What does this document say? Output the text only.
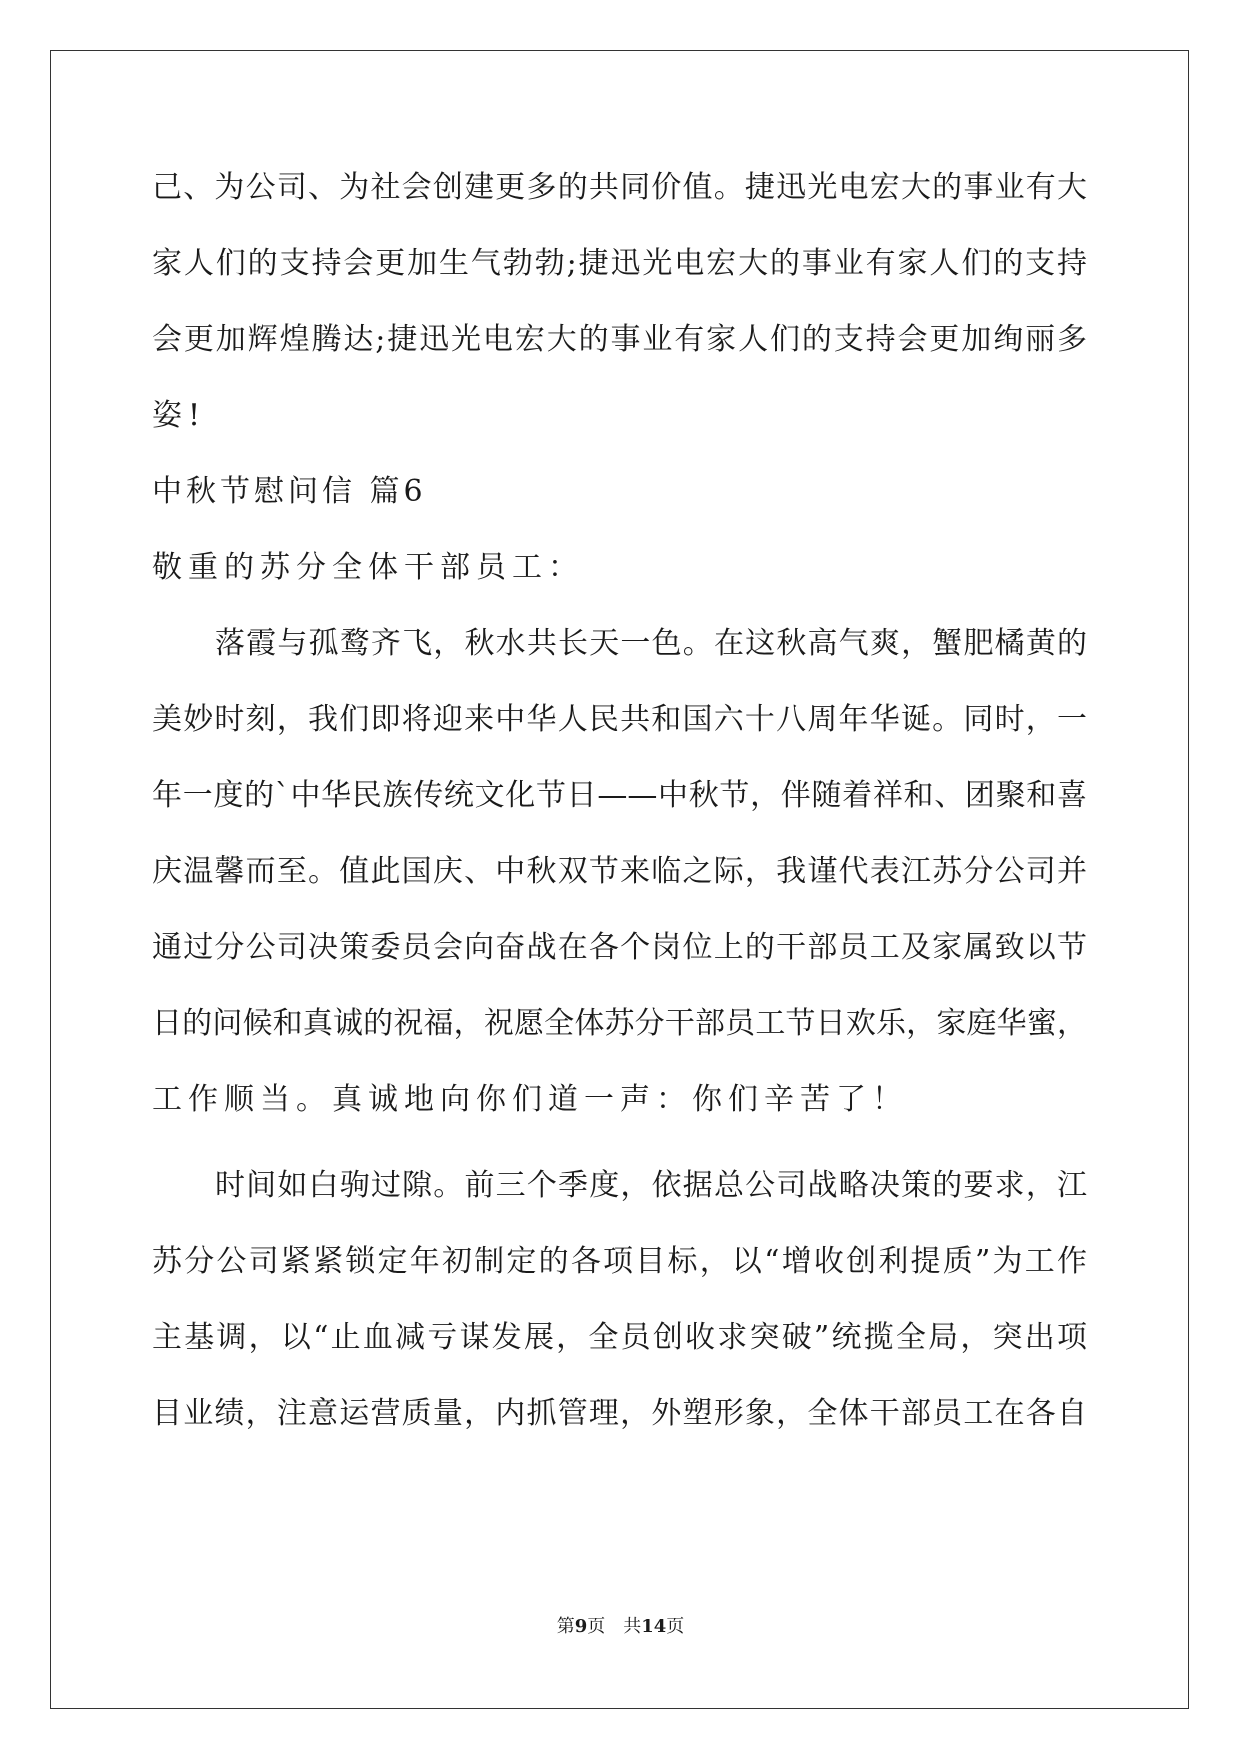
己、为公司、为社会创建更多的共同价值。捷迅光电宏大的事业有大
家人们的支持会更加生气勃勃;捷迅光电宏大的事业有家人们的支持
会更加辉煌腾达;捷迅光电宏大的事业有家人们的支持会更加绚丽多
姿!
中秋节慰问信 篇6
敬重的苏分全体干部员工：
落霞与孤鹜齐飞，秋水共长天一色。在这秋高气爽，蟹肥橘黄的
美妙时刻，我们即将迎来中华人民共和国六十八周年华诞。同时，一
年一度的`中华民族传统文化节日——中秋节，伴随着祥和、团聚和喜
庆温馨而至。值此国庆、中秋双节来临之际，我谨代表江苏分公司并
通过分公司决策委员会向奋战在各个岗位上的干部员工及家属致以节
日的问候和真诚的祝福，祝愿全体苏分干部员工节日欢乐，家庭华蜜，
工作顺当。真诚地向你们道一声：你们辛苦了！
时间如白驹过隙。前三个季度，依据总公司战略决策的要求，江
苏分公司紧紧锁定年初制定的各项目标，以“增收创利提质”为工作
主基调，以“止血减亏谋发展，全员创收求突破”统揽全局，突出项
目业绩，注意运营质量，内抓管理，外塑形象，全体干部员工在各自
第9页　共14页
